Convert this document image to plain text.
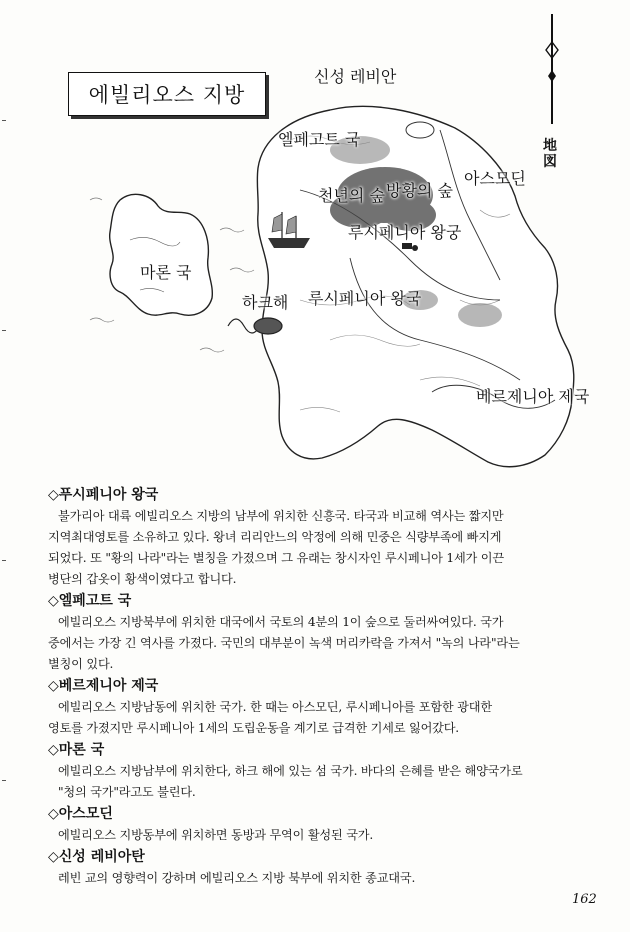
에빌리오스 지방
地図
신성 레비안
엘페고트 국
아스모딘
천년의 숲 방황의 숲
루시페니아 왕궁
마론 국
하크해 루시페니아 왕국
베르제니아 제국
◇푸시페니아 왕국
불가리아 대륙 에빌리오스 지방의 남부에 위치한 신흥국. 타국과 비교해 역사는 짧지만
지역최대영토를 소유하고 있다. 왕녀 리리안느의 악정에 의해 민중은 식량부족에 빠지게
되었다. 또 "황의 나라"라는 별칭을 가졌으며 그 유래는 창시자인 루시페니아 1세가 이끈
병단의 갑옷이 황색이였다고 합니다.
◇엘페고트 국
에빌리오스 지방북부에 위치한 대국에서 국토의 4분의 1이 숲으로 둘러싸여있다. 국가
중에서는 가장 긴 역사를 가졌다. 국민의 대부분이 녹색 머리카락을 가져서 "녹의 나라"라는
별칭이 있다.
◇베르제니아 제국
에빌리오스 지방남동에 위치한 국가. 한 때는 아스모딘, 루시페니아를 포함한 광대한
영토를 가졌지만 루시페니아 1세의 도립운동을 계기로 급격한 기세로 잃어갔다.
◇마론 국
에빌리오스 지방남부에 위치한다, 하크 해에 있는 섬 국가. 바다의 은혜를 받은 해양국가로
"청의 국가"라고도 불린다.
◇아스모딘
에빌리오스 지방동부에 위치하면 동방과 무역이 활성된 국가.
◇신성 레비아탄
레빈 교의 영향력이 강하며 에빌리오스 지방 북부에 위치한 종교대국.
162
